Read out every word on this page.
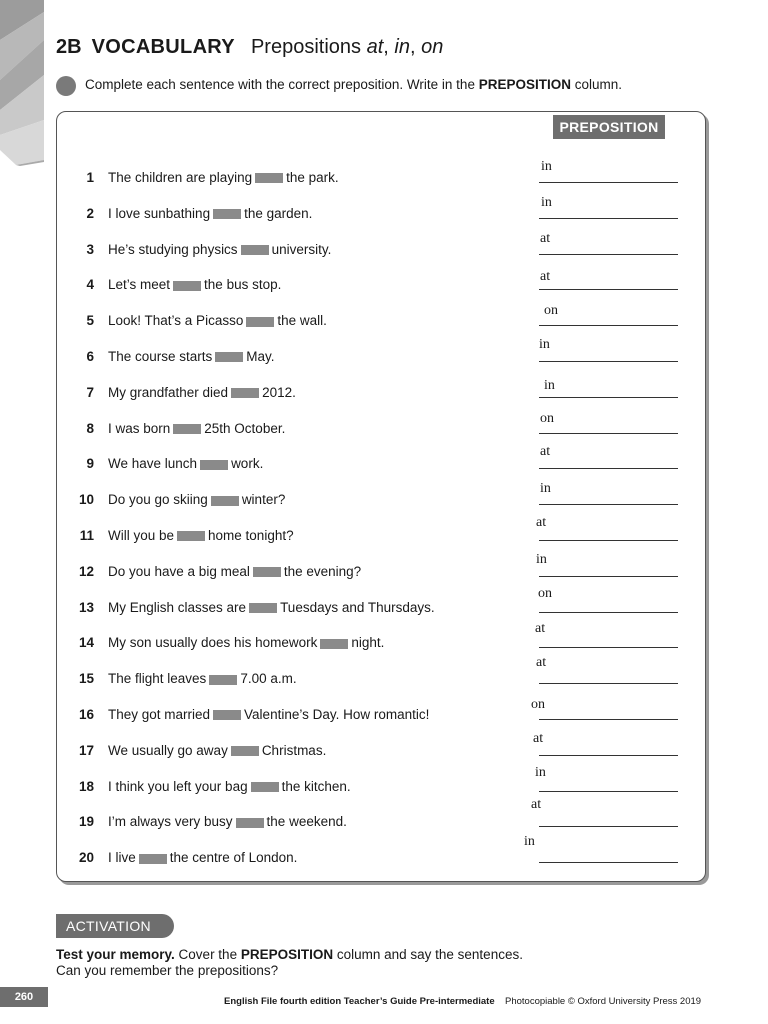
2B VOCABULARY Prepositions at, in, on
Complete each sentence with the correct preposition. Write in the PREPOSITION column.
PREPOSITION
1 The children are playing	the park.
in
2 I love sunbathing	the garden.
in
3 He’s studying physics	university.
at
4 Let’s meet	the bus stop.
at
5 Look! That’s a Picasso	the wall.
on
6 The course starts	May.
in
7 My grandfather died	2012.	in
8 I was born	25th October.
on
9 We have lunch	work.
at
10 Do you go skiing	winter?
in
11 Will you be	home tonight?
at
12 Do you have a big meal	the evening?
in
13 My English classes are	Tuesdays and Thursdays.
on
14 My son usually does his homework	night.
at
15 The flight leaves	7.00 a.m.
at
16 They got married	Valentine’s Day. How romantic!
on
17 We usually go away	Christmas.
at
18 I think you left your bag	the kitchen.
in
19 I’m always very busy	the weekend.
at
20 I live	the centre of London.
in
ACTIVATION
Test your memory. Cover the PREPOSITION column and say the sentences.
Can you remember the prepositions?
260	English File fourth edition Teacher’s Guide Pre-intermediate Photocopiable © Oxford University Press 2019
